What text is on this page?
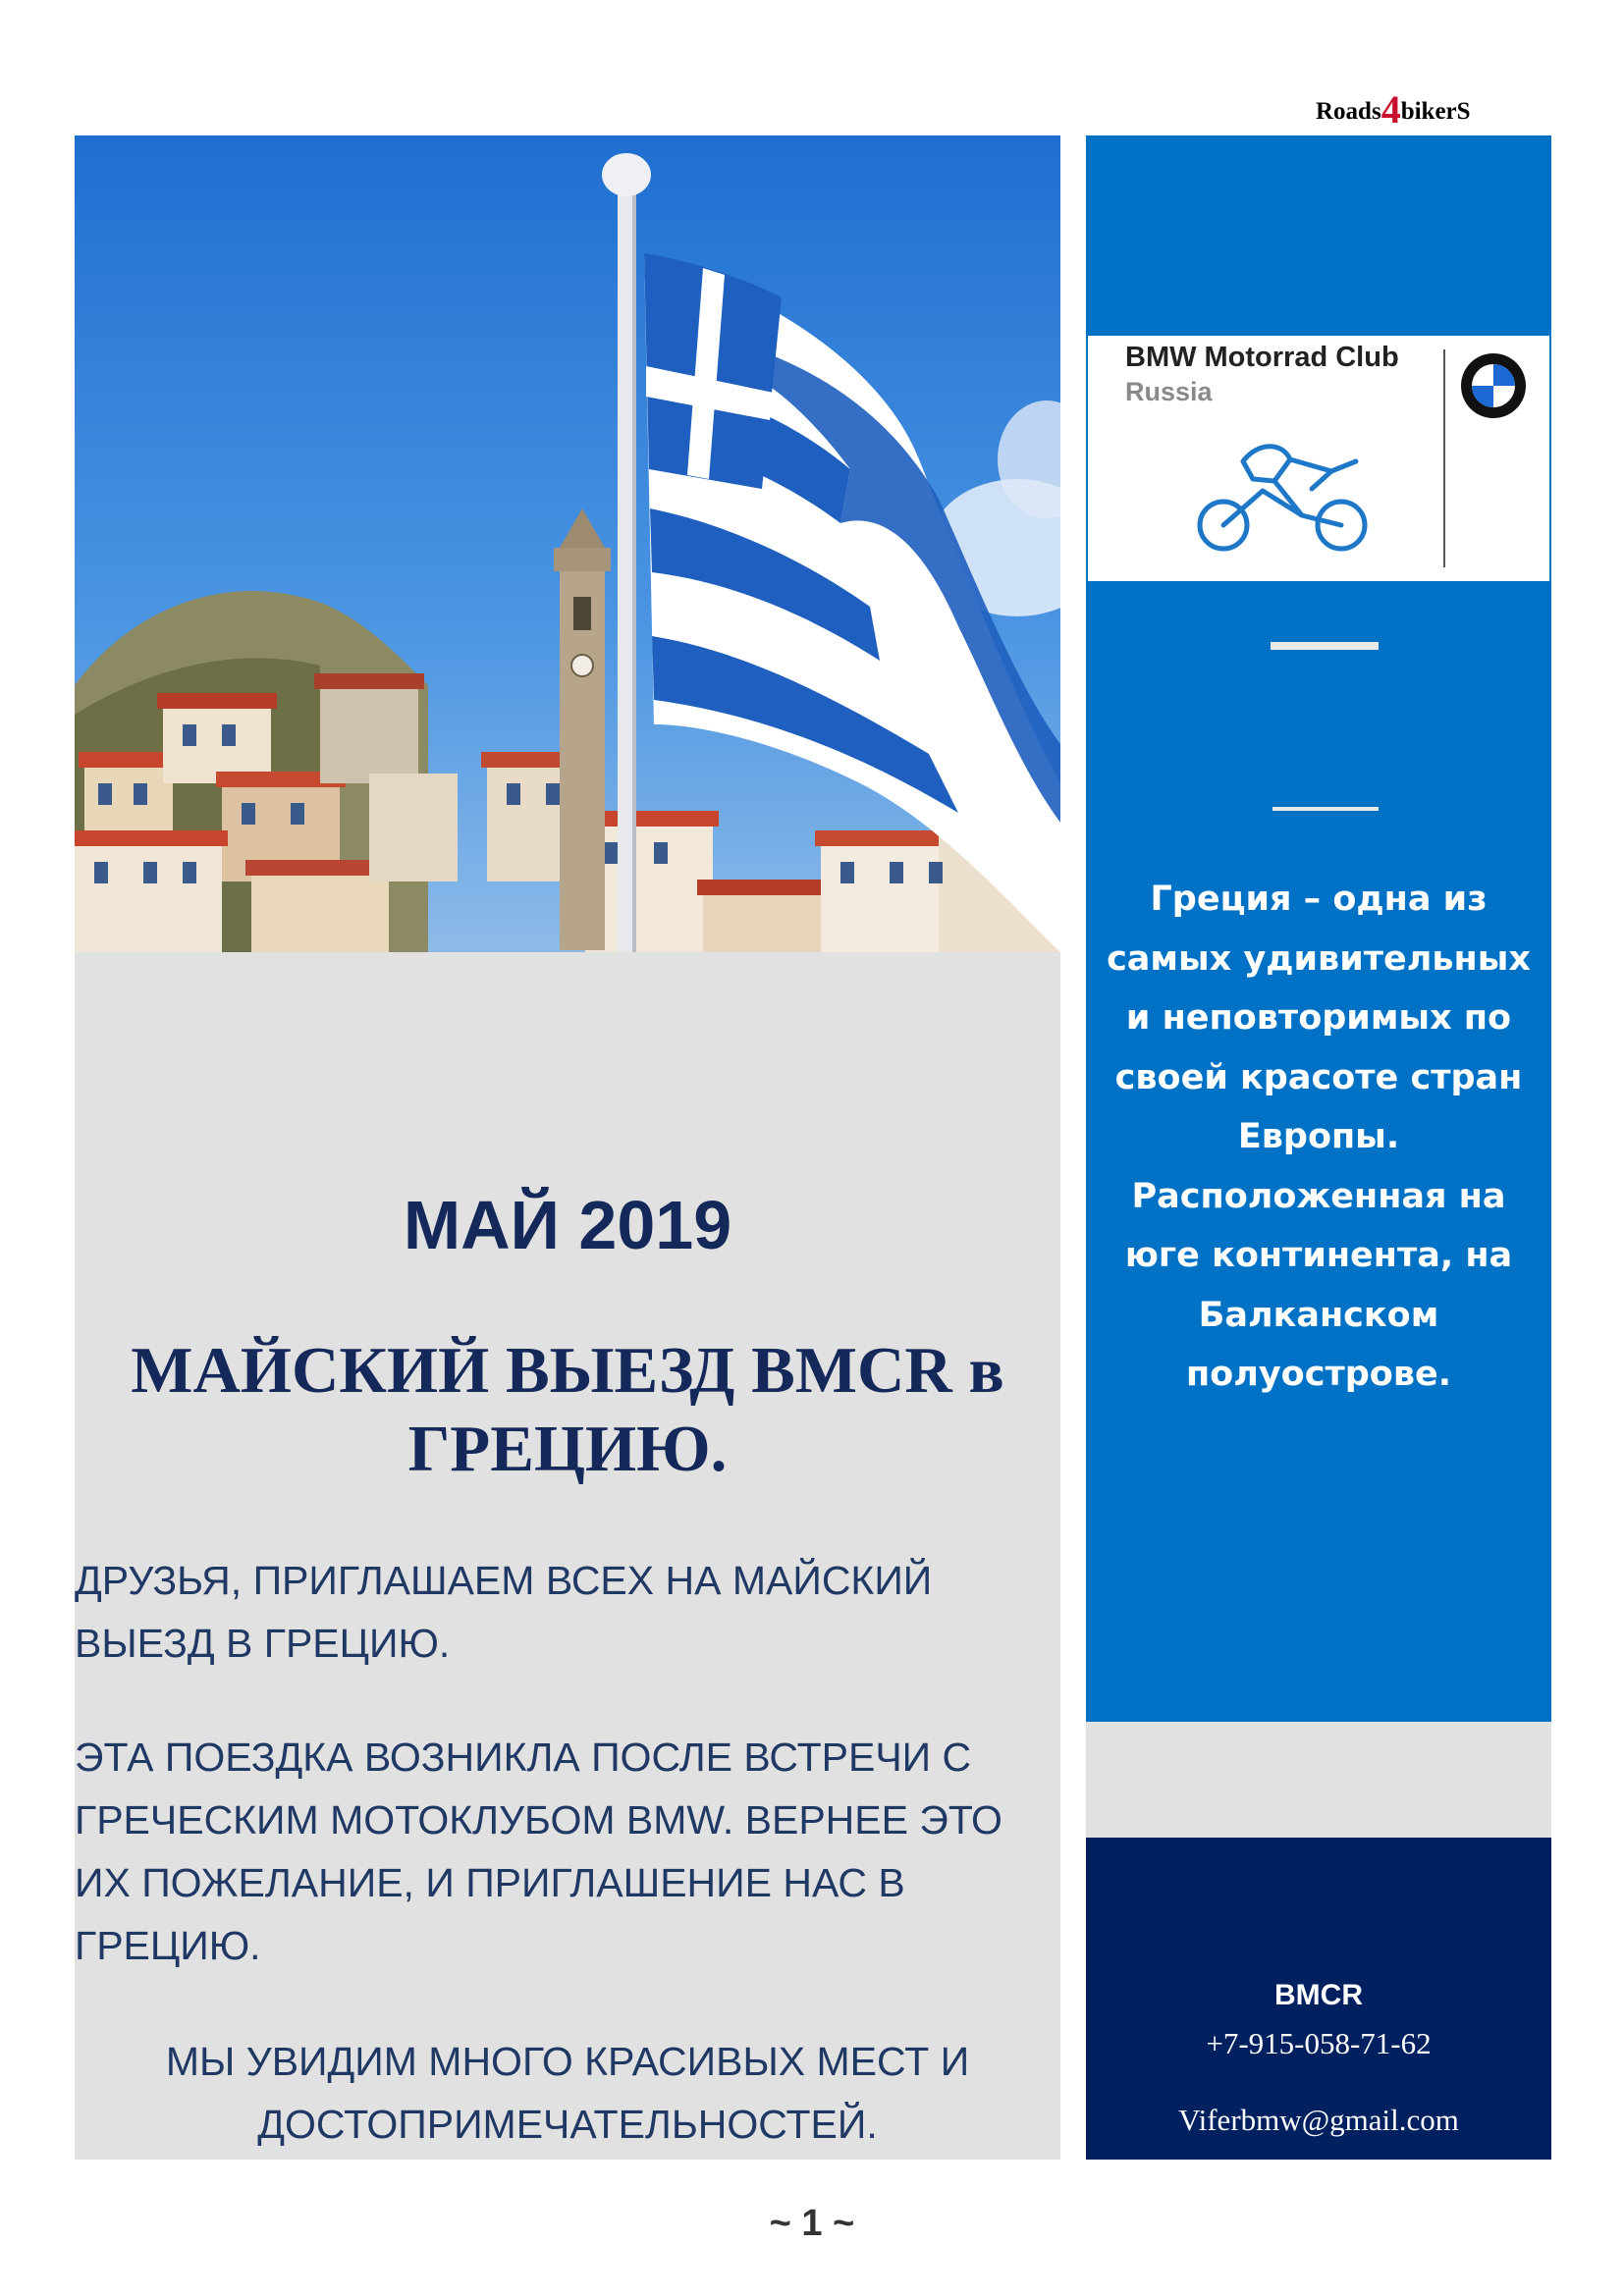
Roads4bikerS
BMW Motorrad Club
Russia
Греция – одна из самых удивительных и неповторимых по своей красоте стран Европы. Расположенная на юге континента, на Балканском полуострове.
BMCR
+7-915-058-71-62
Viferbmw@gmail.com
МАЙ 2019
МАЙСКИЙ ВЫЕЗД BMCR в ГРЕЦИЮ.
ДРУЗЬЯ, ПРИГЛАШАЕМ ВСЕХ НА МАЙСКИЙ ВЫЕЗД В ГРЕЦИЮ.
ЭТА ПОЕЗДКА ВОЗНИКЛА ПОСЛЕ ВСТРЕЧИ С ГРЕЧЕСКИМ МОТОКЛУБОМ BMW. ВЕРНЕЕ ЭТО ИХ ПОЖЕЛАНИЕ, И ПРИГЛАШЕНИЕ НАС В ГРЕЦИЮ.
МЫ УВИДИМ МНОГО КРАСИВЫХ МЕСТ И ДОСТОПРИМЕЧАТЕЛЬНОСТЕЙ.
~ 1 ~
